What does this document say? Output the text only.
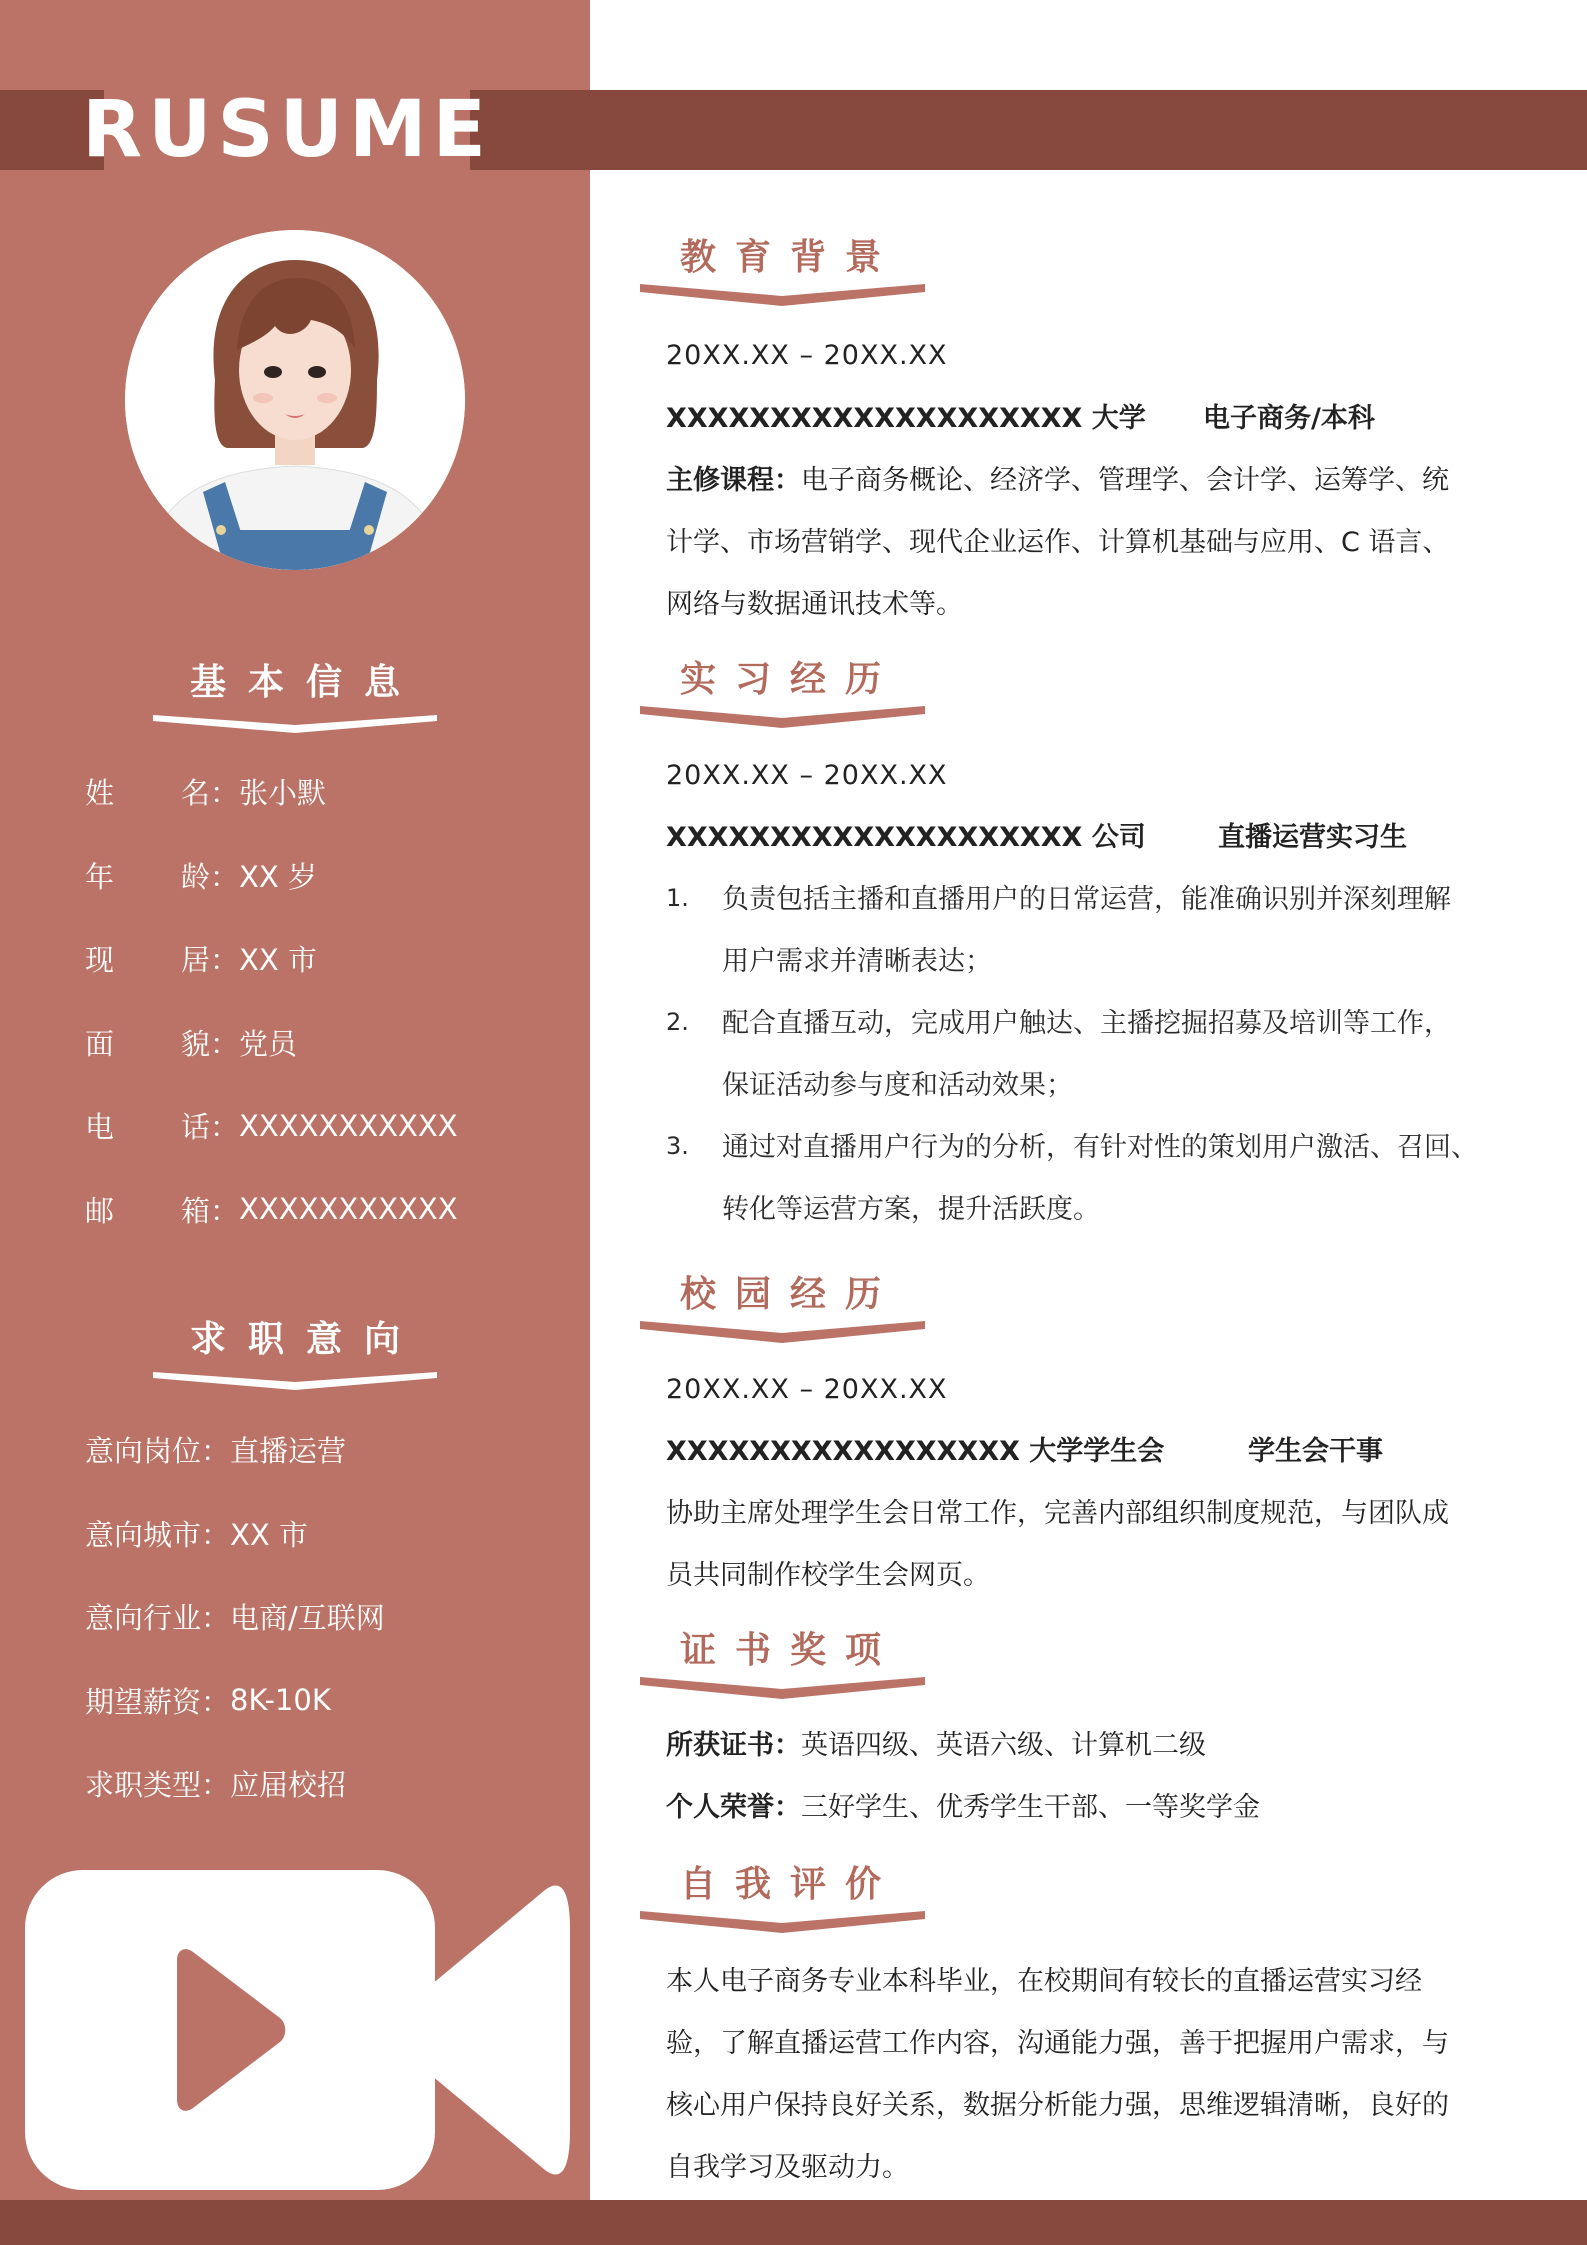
RUSUME
基本信息
姓	名 ： 张小默
年	龄 ： XX 岁
现	居 ： XX 市
面	貌 ： 党员
电	话 ： XXXXXXXXXXX
邮	箱 ： XXXXXXXXXXX
求职意向
意向岗位 ： 直播运营
意向城市 ： XX 市
意向行业 ： 电商/互联网
期望薪资 ： 8K-10K
求职类型 ： 应届校招
教育背景
20XX.XX – 20XX.XX
XXXXXXXXXXXXXXXXXXXX 大学 电子商务/本科
主修课程：电子商务概论、经济学、管理学、会计学、运筹学、统
计学、市场营销学、现代企业运作、计算机基础与应用、C 语言、
网络与数据通讯技术等。
实习经历
20XX.XX – 20XX.XX
XXXXXXXXXXXXXXXXXXXX 公司	直播运营实习生
1. 负责包括主播和直播用户的日常运营，能准确识别并深刻理解
用户需求并清晰表达；
2. 配合直播互动，完成用户触达、主播挖掘招募及培训等工作，
保证活动参与度和活动效果；
3. 通过对直播用户行为的分析，有针对性的策划用户激活、召回、
转化等运营方案，提升活跃度。
校园经历
20XX.XX – 20XX.XX
XXXXXXXXXXXXXXXXX 大学学生会	学生会干事
协助主席处理学生会日常工作，完善内部组织制度规范，与团队成
员共同制作校学生会网页。
证书奖项
所获证书：英语四级、英语六级、计算机二级
个人荣誉：三好学生、优秀学生干部、一等奖学金
自我评价
本人电子商务专业本科毕业，在校期间有较长的直播运营实习经
验，了解直播运营工作内容，沟通能力强，善于把握用户需求，与
核心用户保持良好关系，数据分析能力强，思维逻辑清晰，良好的
自我学习及驱动力。
